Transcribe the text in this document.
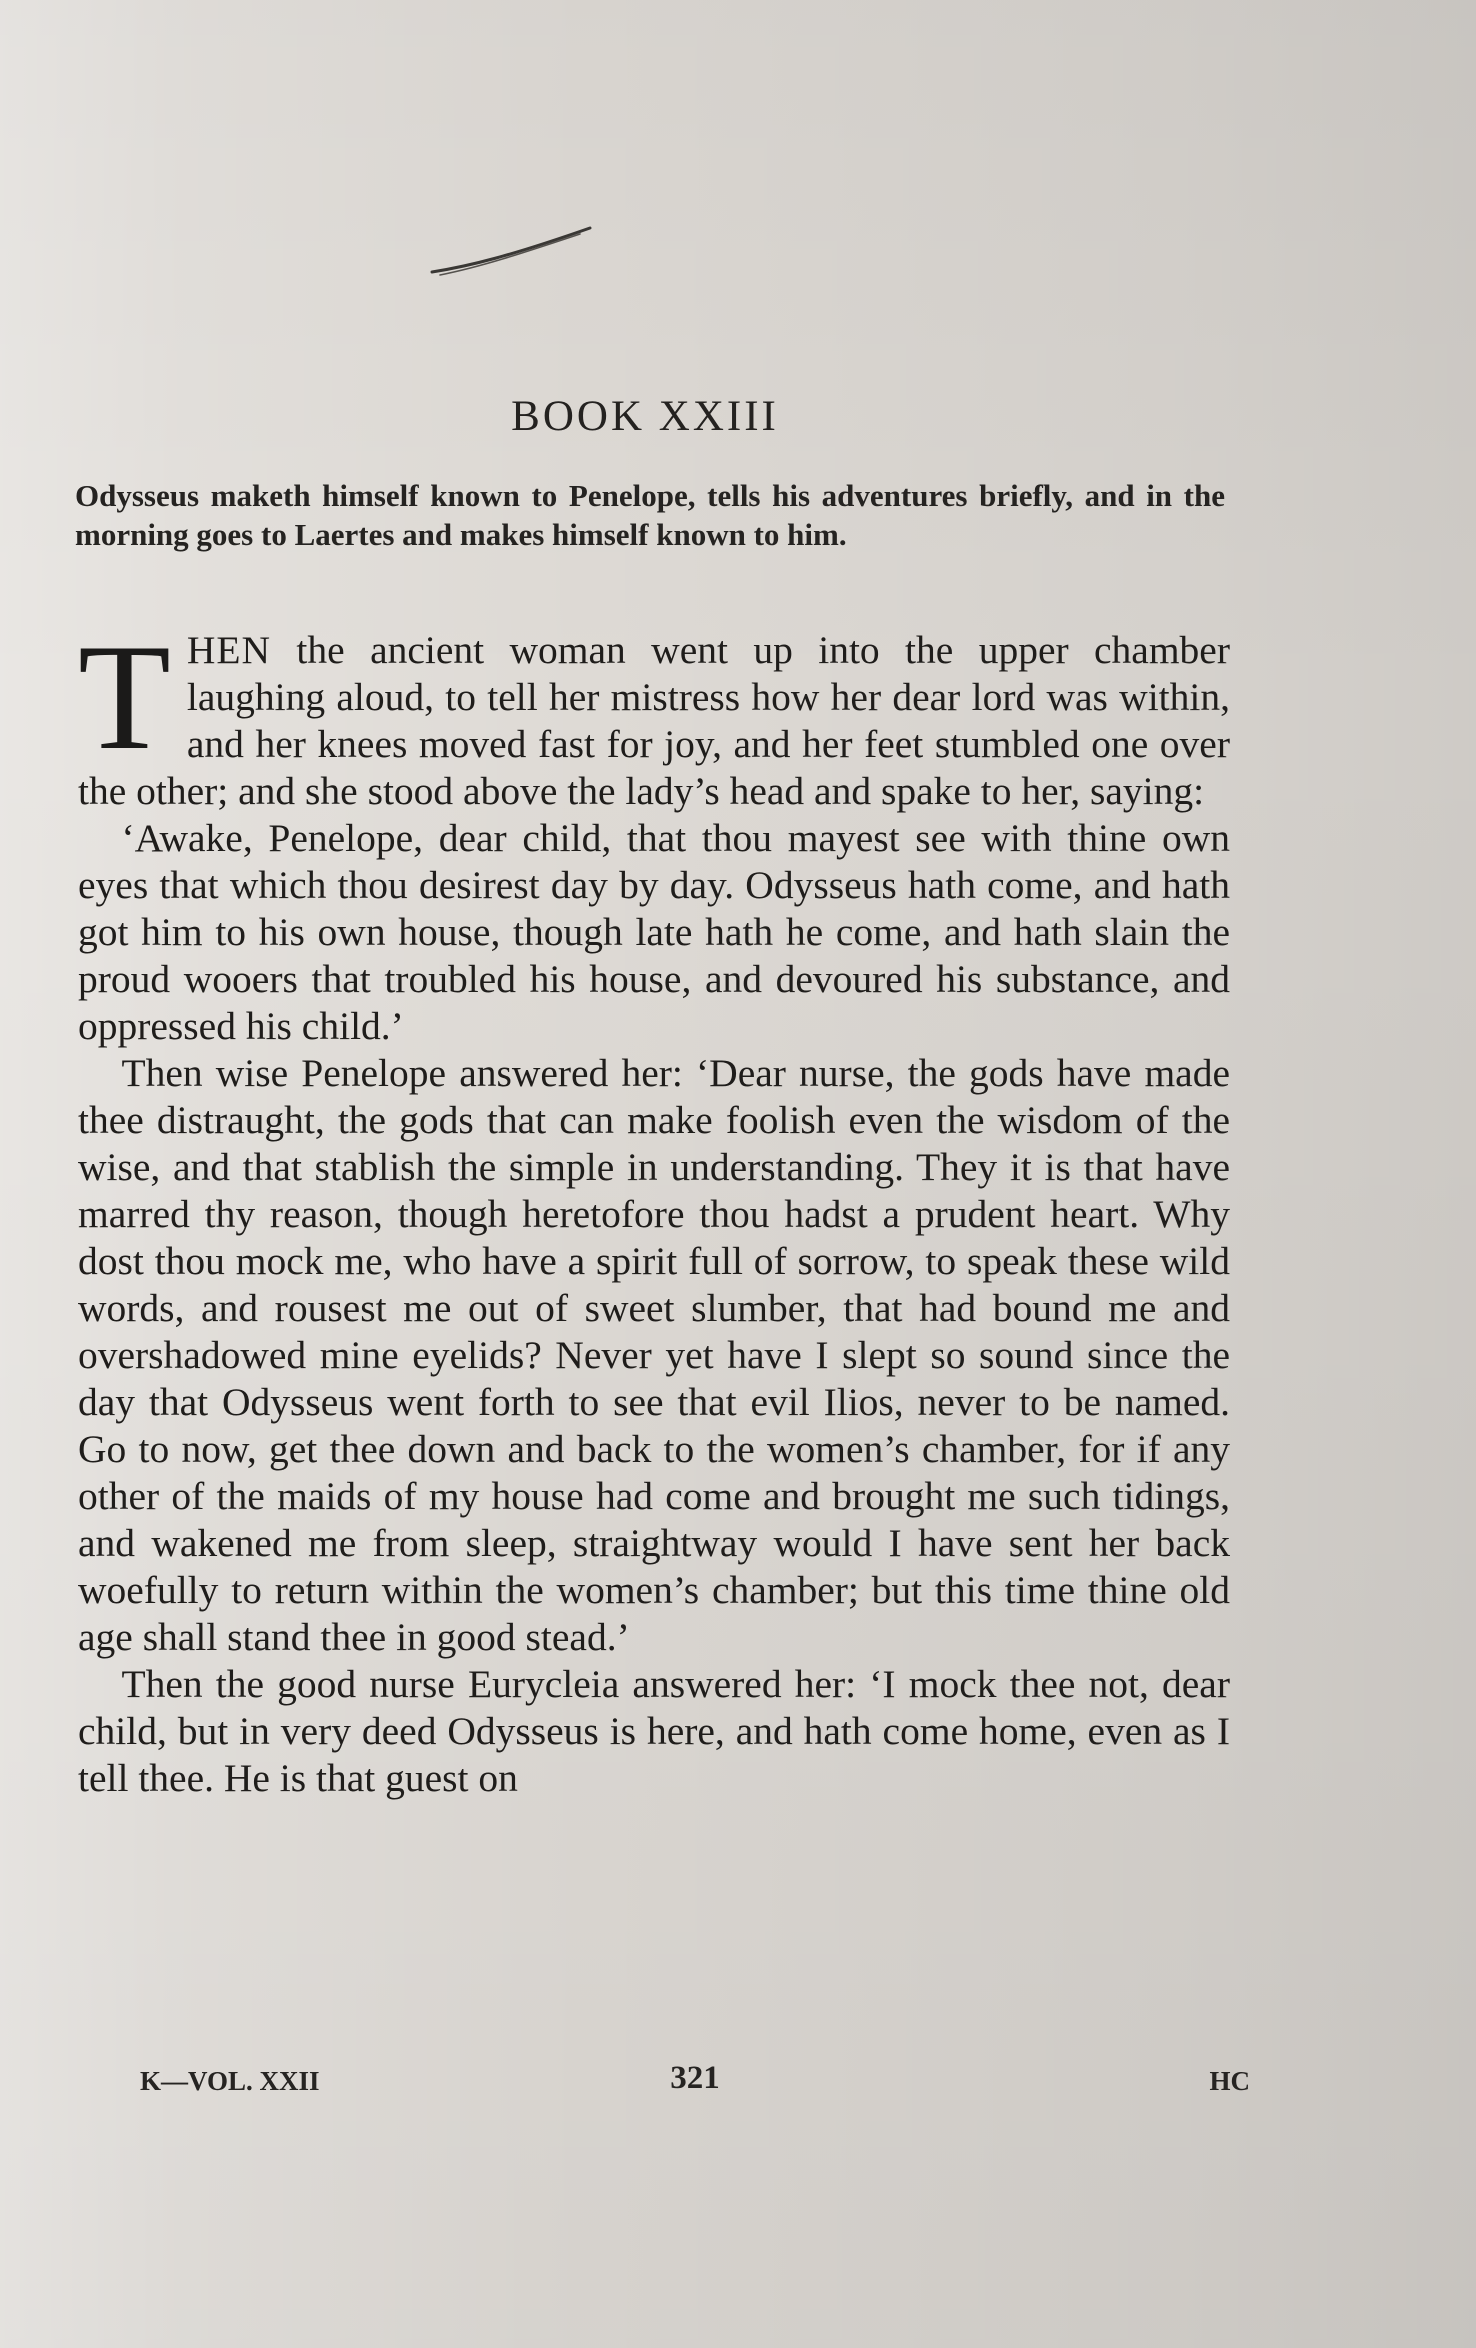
BOOK XXIII

Odysseus maketh himself known to Penelope, tells his adventures briefly, and in the morning goes to Laertes and makes himself known to him.

THEN the ancient woman went up into the upper chamber laughing aloud, to tell her mistress how her dear lord was within, and her knees moved fast for joy, and her feet stumbled one over the other; and she stood above the lady’s head and spake to her, saying:

‘Awake, Penelope, dear child, that thou mayest see with thine own eyes that which thou desirest day by day. Odysseus hath come, and hath got him to his own house, though late hath he come, and hath slain the proud wooers that troubled his house, and devoured his substance, and oppressed his child.’

Then wise Penelope answered her: ‘Dear nurse, the gods have made thee distraught, the gods that can make foolish even the wisdom of the wise, and that stablish the simple in understanding. They it is that have marred thy reason, though heretofore thou hadst a prudent heart. Why dost thou mock me, who have a spirit full of sorrow, to speak these wild words, and rousest me out of sweet slumber, that had bound me and overshadowed mine eyelids? Never yet have I slept so sound since the day that Odysseus went forth to see that evil Ilios, never to be named. Go to now, get thee down and back to the women’s chamber, for if any other of the maids of my house had come and brought me such tidings, and wakened me from sleep, straightway would I have sent her back woefully to return within the women’s chamber; but this time thine old age shall stand thee in good stead.’

Then the good nurse Eurycleia answered her: ‘I mock thee not, dear child, but in very deed Odysseus is here, and hath come home, even as I tell thee. He is that guest on

K—VOL. XXII	321	HC
